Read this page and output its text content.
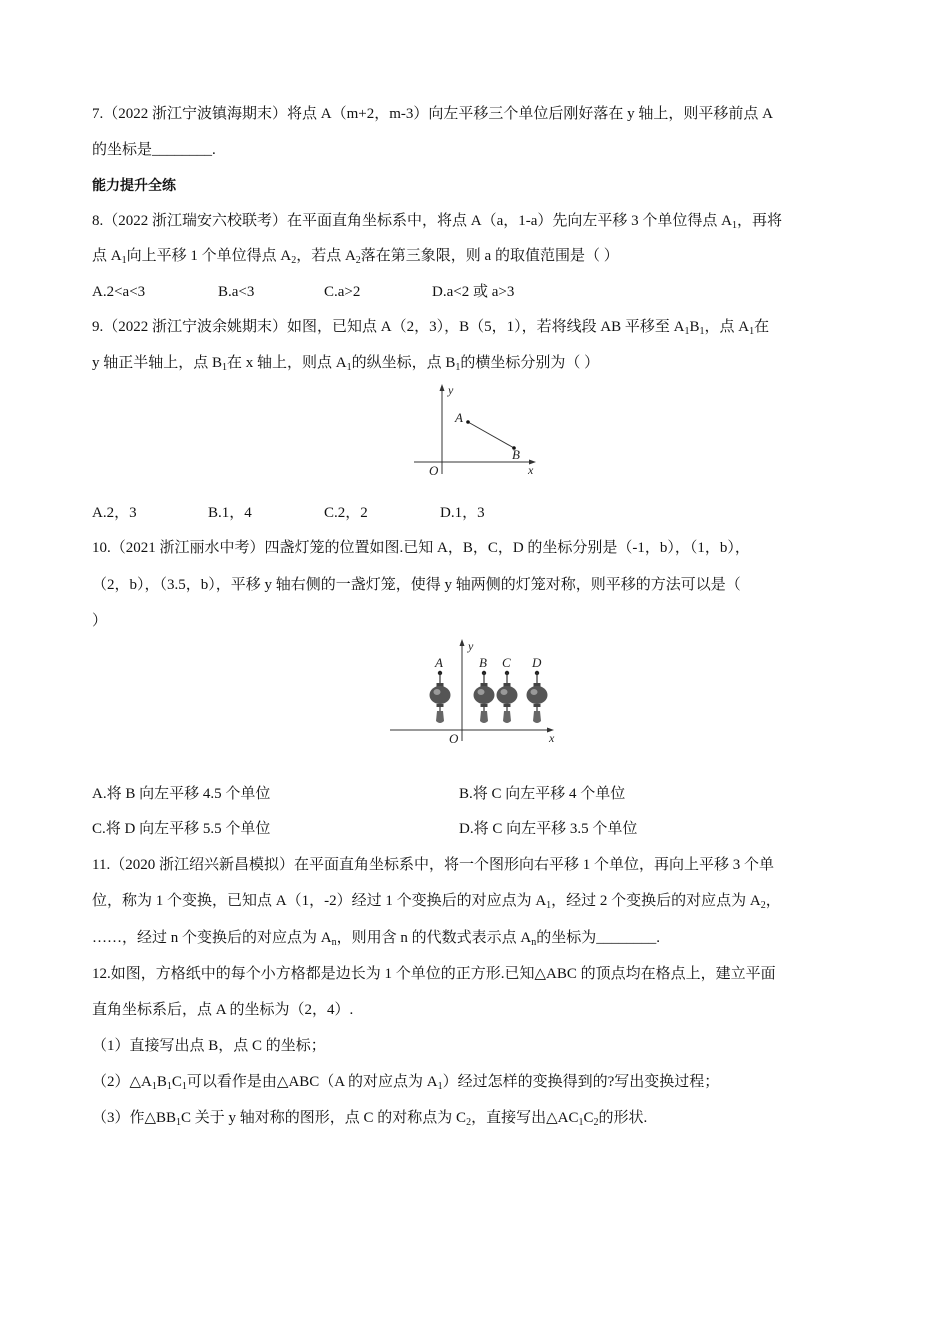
7.（2022 浙江宁波镇海期末）将点 A（m+2，m-3）向左平移三个单位后刚好落在 y 轴上，则平移前点 A
的坐标是________.
能力提升全练
8.（2022 浙江瑞安六校联考）在平面直角坐标系中，将点 A（a，1-a）先向左平移 3 个单位得点 $A_1$，再将
点 $A_1$向上平移 1 个单位得点 $A_2$，若点 $A_2$落在第三象限，则 a 的取值范围是（ ）
A.2<a<3	B.a<3	C.a>2	D.a<2 或 a>3
9.（2022 浙江宁波余姚期末）如图，已知点 A（2，3），B（5，1），若将线段 AB 平移至 $A_1B_1$，点 $A_1$在
y 轴正半轴上，点 $B_1$在 x 轴上，则点 $A_1$的纵坐标，点 $B_1$的横坐标分别为（ ）
y
x
O
A
B
A.2，3	B.1，4	C.2，2	D.1，3
10.（2021 浙江丽水中考）四盏灯笼的位置如图.已知 A，B，C，D 的坐标分别是（-1，b），（1，b），
（2，b），（3.5，b），平移 y 轴右侧的一盏灯笼，使得 y 轴两侧的灯笼对称，则平移的方法可以是（
）
y
x
O
A	B C D
A.将 B 向左平移 4.5 个单位	B.将 C 向左平移 4 个单位
C.将 D 向左平移 5.5 个单位	D.将 C 向左平移 3.5 个单位
11.（2020 浙江绍兴新昌模拟）在平面直角坐标系中，将一个图形向右平移 1 个单位，再向上平移 3 个单
位，称为 1 个变换，已知点 A（1，-2）经过 1 个变换后的对应点为 $A_1$，经过 2 个变换后的对应点为 $A_2$，
……，经过 n 个变换后的对应点为 $A_n$，则用含 n 的代数式表示点 $A_n$的坐标为________.
12.如图，方格纸中的每个小方格都是边长为 1 个单位的正方形.已知△ABC 的顶点均在格点上，建立平面
直角坐标系后，点 A 的坐标为（2，4）.
（1）直接写出点 B，点 C 的坐标；
$(2)\triangle A_1B_1C_1$可以看作是由△ABC（A 的对应点为 $A_1$）经过怎样的变换得到的?写出变换过程；
（3）作$\triangle BB_1C$ 关于 y 轴对称的图形，点 C 的对称点为 $C_2$，直接写出$\triangle AC_1C_2$的形状.
